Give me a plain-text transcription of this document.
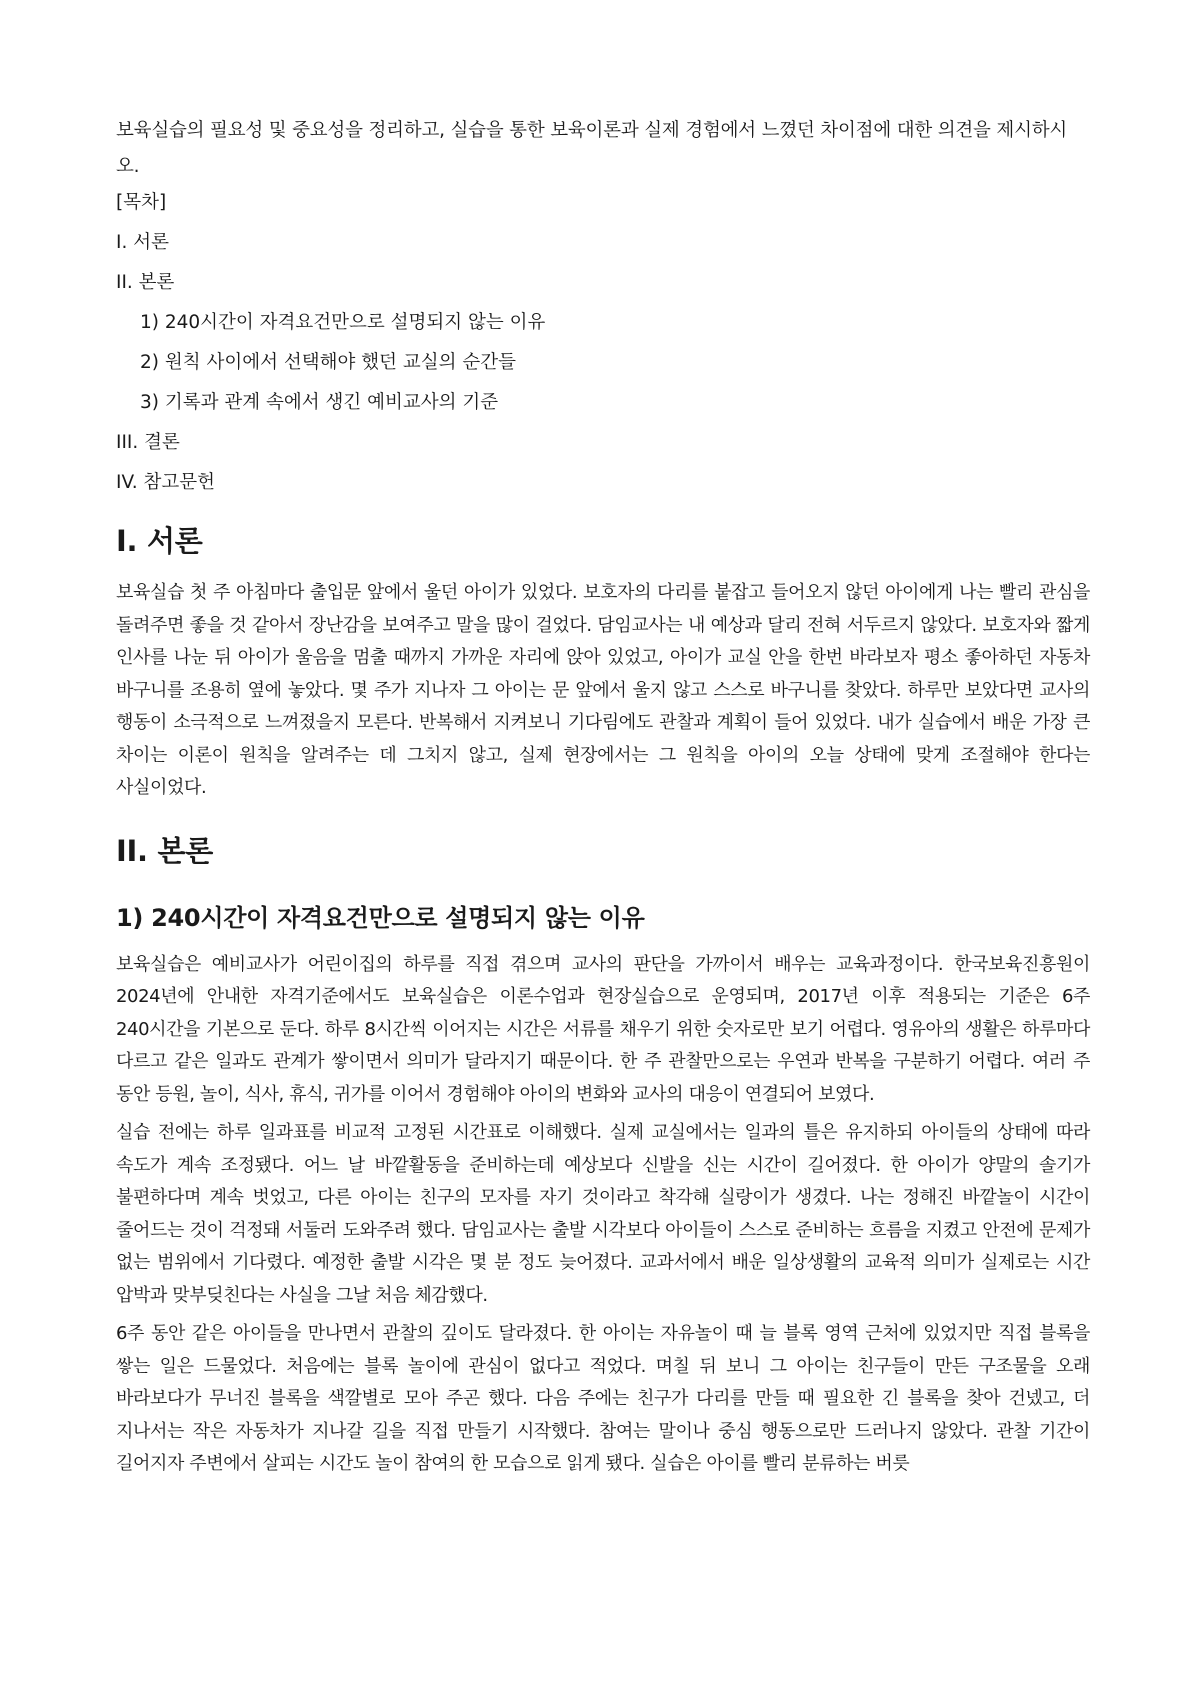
보육실습의 필요성 및 중요성을 정리하고, 실습을 통한 보육이론과 실제 경험에서 느꼈던 차이점에 대한 의견을 제시하시오.

[목차]
I. 서론
II. 본론
1) 240시간이 자격요건만으로 설명되지 않는 이유
2) 원칙 사이에서 선택해야 했던 교실의 순간들
3) 기록과 관계 속에서 생긴 예비교사의 기준
III. 결론
IV. 참고문헌
I. 서론

보육실습 첫 주 아침마다 출입문 앞에서 울던 아이가 있었다. 보호자의 다리를 붙잡고 들어오지 않던 아이에게 나는 빨리 관심을 돌려주면 좋을 것 같아서 장난감을 보여주고 말을 많이 걸었다. 담임교사는 내 예상과 달리 전혀 서두르지 않았다. 보호자와 짧게 인사를 나눈 뒤 아이가 울음을 멈출 때까지 가까운 자리에 앉아 있었고, 아이가 교실 안을 한번 바라보자 평소 좋아하던 자동차 바구니를 조용히 옆에 놓았다. 몇 주가 지나자 그 아이는 문 앞에서 울지 않고 스스로 바구니를 찾았다. 하루만 보았다면 교사의 행동이 소극적으로 느껴졌을지 모른다. 반복해서 지켜보니 기다림에도 관찰과 계획이 들어 있었다. 내가 실습에서 배운 가장 큰 차이는 이론이 원칙을 알려주는 데 그치지 않고, 실제 현장에서는 그 원칙을 아이의 오늘 상태에 맞게 조절해야 한다는 사실이었다.

II. 본론
1) 240시간이 자격요건만으로 설명되지 않는 이유

보육실습은 예비교사가 어린이집의 하루를 직접 겪으며 교사의 판단을 가까이서 배우는 교육과정이다. 한국보육진흥원이 2024년에 안내한 자격기준에서도 보육실습은 이론수업과 현장실습으로 운영되며, 2017년 이후 적용되는 기준은 6주 240시간을 기본으로 둔다. 하루 8시간씩 이어지는 시간은 서류를 채우기 위한 숫자로만 보기 어렵다. 영유아의 생활은 하루마다 다르고 같은 일과도 관계가 쌓이면서 의미가 달라지기 때문이다. 한 주 관찰만으로는 우연과 반복을 구분하기 어렵다. 여러 주 동안 등원, 놀이, 식사, 휴식, 귀가를 이어서 경험해야 아이의 변화와 교사의 대응이 연결되어 보였다.

실습 전에는 하루 일과표를 비교적 고정된 시간표로 이해했다. 실제 교실에서는 일과의 틀은 유지하되 아이들의 상태에 따라 속도가 계속 조정됐다. 어느 날 바깥활동을 준비하는데 예상보다 신발을 신는 시간이 길어졌다. 한 아이가 양말의 솔기가 불편하다며 계속 벗었고, 다른 아이는 친구의 모자를 자기 것이라고 착각해 실랑이가 생겼다. 나는 정해진 바깥놀이 시간이 줄어드는 것이 걱정돼 서둘러 도와주려 했다. 담임교사는 출발 시각보다 아이들이 스스로 준비하는 흐름을 지켰고 안전에 문제가 없는 범위에서 기다렸다. 예정한 출발 시각은 몇 분 정도 늦어졌다. 교과서에서 배운 일상생활의 교육적 의미가 실제로는 시간 압박과 맞부딪친다는 사실을 그날 처음 체감했다.

6주 동안 같은 아이들을 만나면서 관찰의 깊이도 달라졌다. 한 아이는 자유놀이 때 늘 블록 영역 근처에 있었지만 직접 블록을 쌓는 일은 드물었다. 처음에는 블록 놀이에 관심이 없다고 적었다. 며칠 뒤 보니 그 아이는 친구들이 만든 구조물을 오래 바라보다가 무너진 블록을 색깔별로 모아 주곤 했다. 다음 주에는 친구가 다리를 만들 때 필요한 긴 블록을 찾아 건넸고, 더 지나서는 작은 자동차가 지나갈 길을 직접 만들기 시작했다. 참여는 말이나 중심 행동으로만 드러나지 않았다. 관찰 기간이 길어지자 주변에서 살피는 시간도 놀이 참여의 한 모습으로 읽게 됐다. 실습은 아이를 빨리 분류하는 버릇
